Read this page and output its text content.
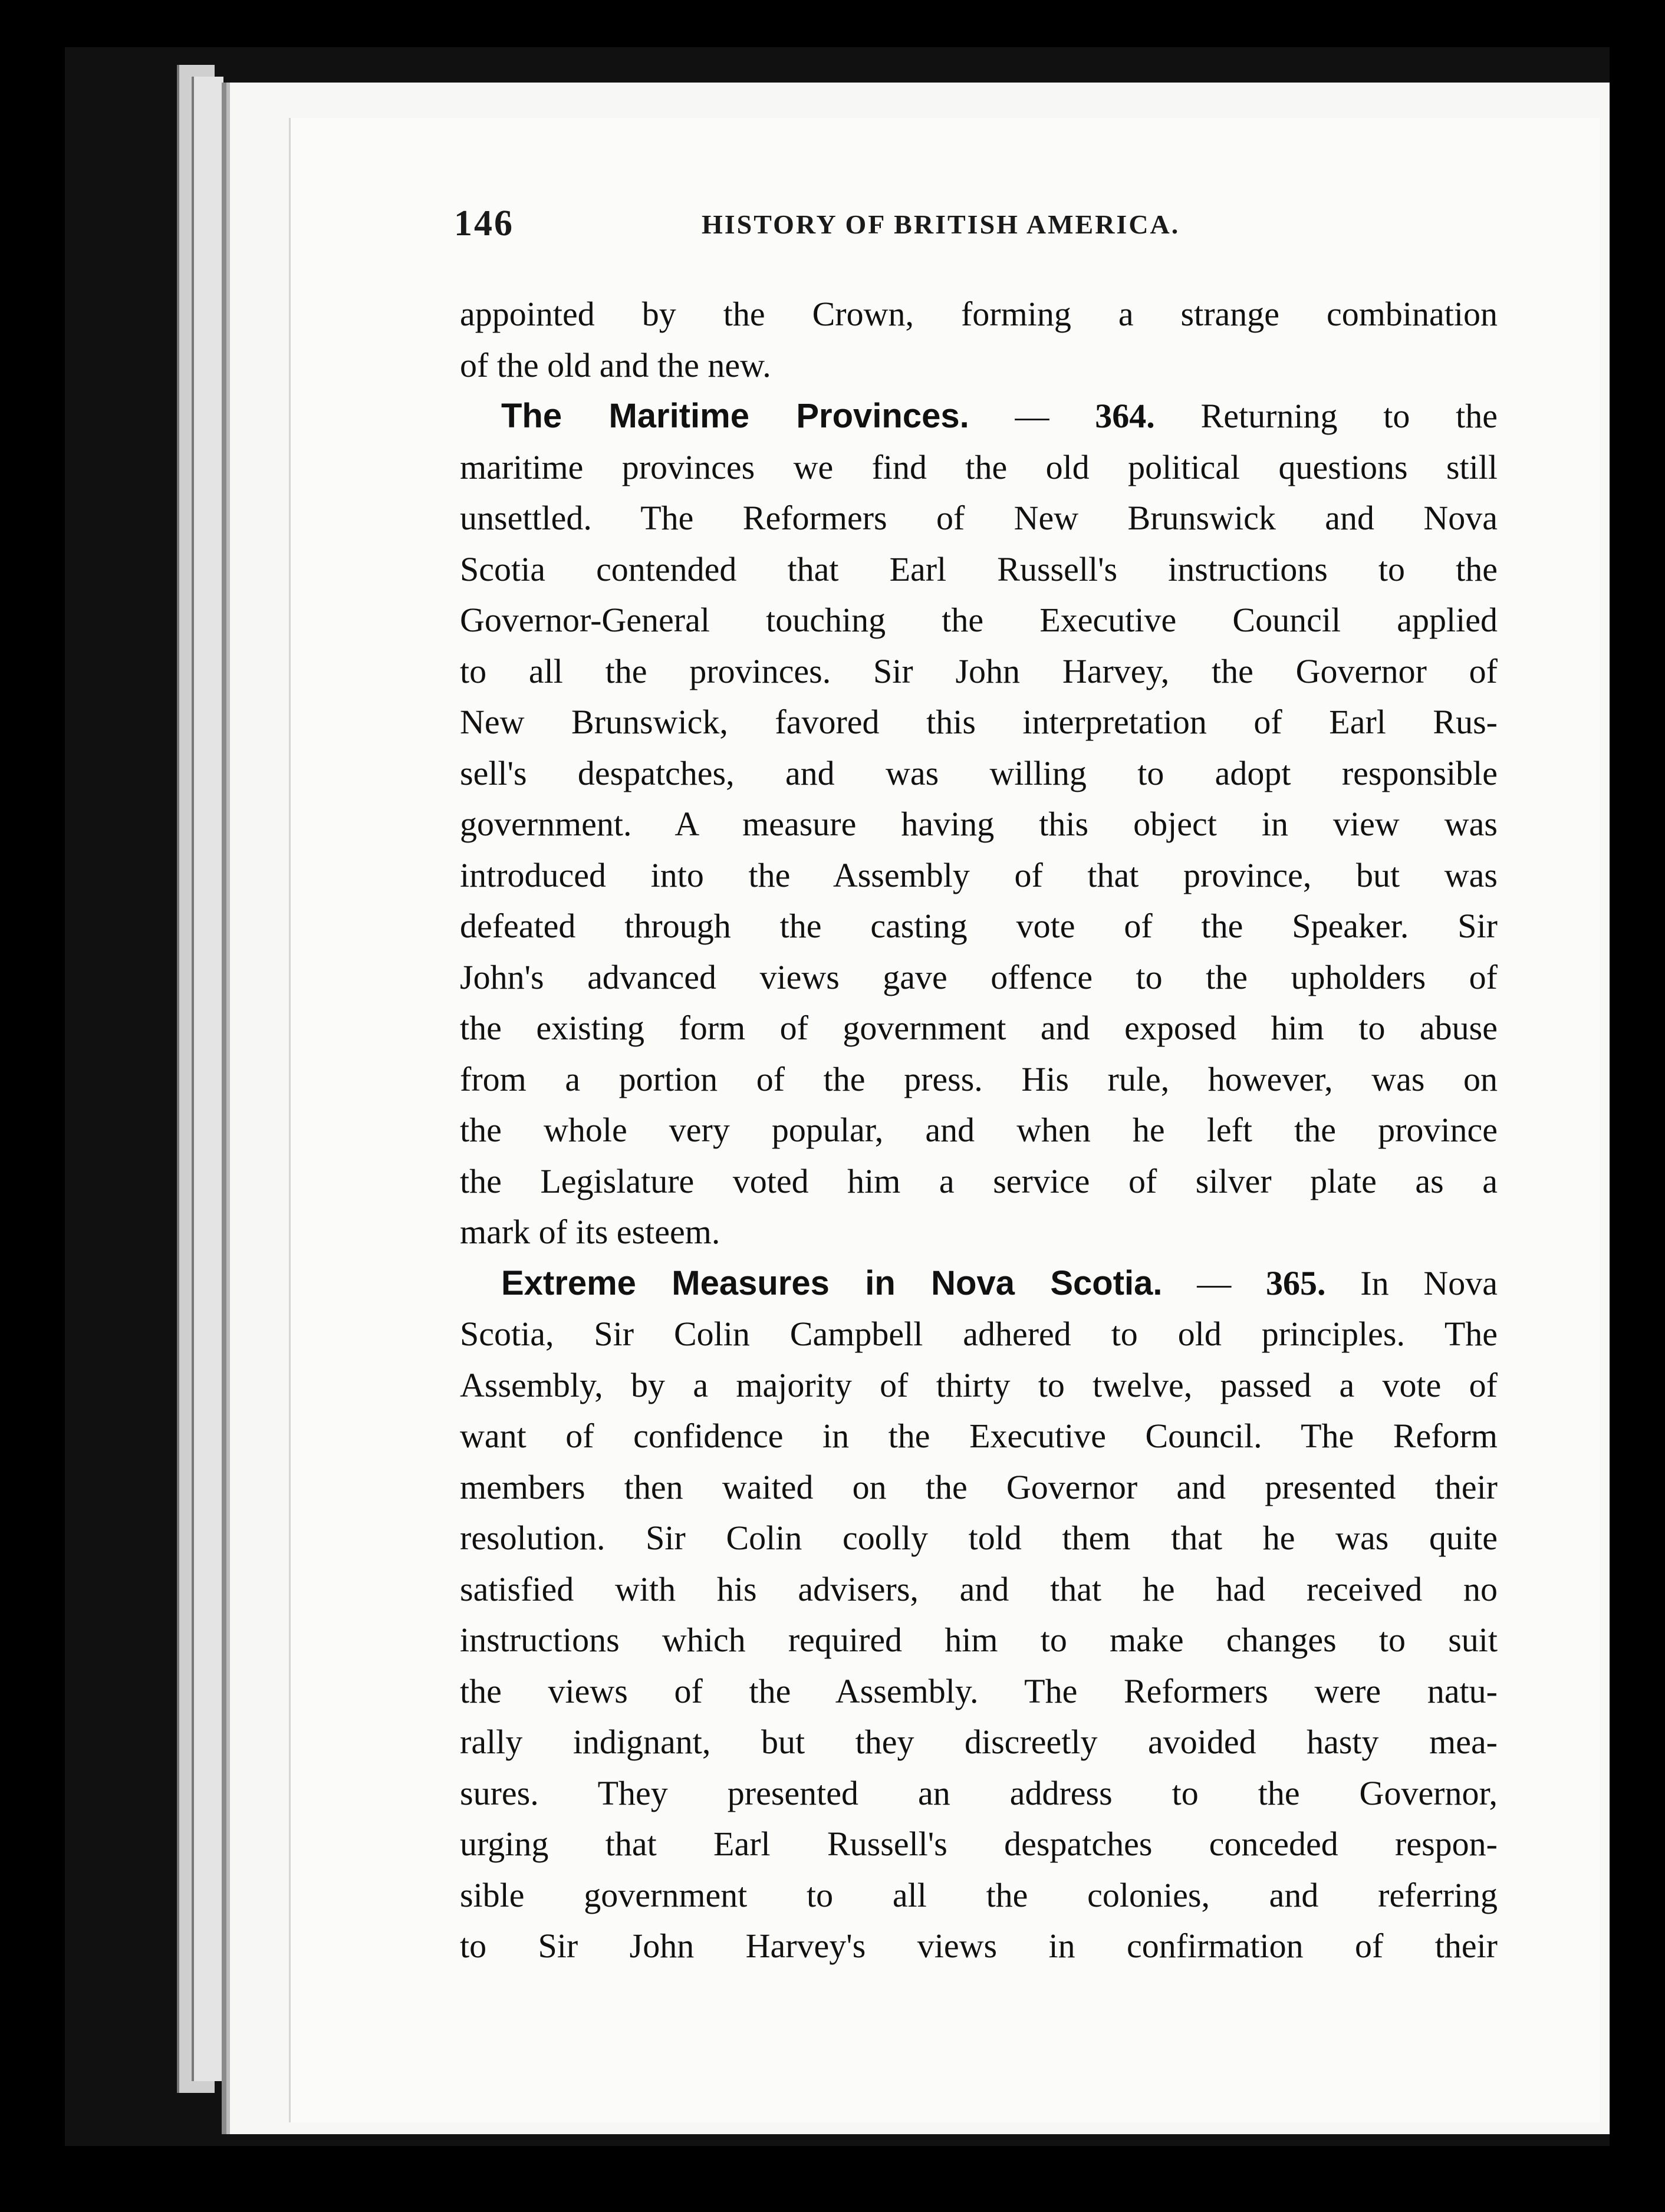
146	HISTORY OF BRITISH AMERICA.
appointed by the Crown, forming a strange combination
of the old and the new.
The Maritime Provinces. — 364. Returning to the
maritime provinces we find the old political questions still
unsettled. The Reformers of New Brunswick and Nova
Scotia contended that Earl Russell's instructions to the
Governor-General touching the Executive Council applied
to all the provinces. Sir John Harvey, the Governor of
New Brunswick, favored this interpretation of Earl Rus-
sell's despatches, and was willing to adopt responsible
government. A measure having this object in view was
introduced into the Assembly of that province, but was
defeated through the casting vote of the Speaker. Sir
John's advanced views gave offence to the upholders of
the existing form of government and exposed him to abuse
from a portion of the press. His rule, however, was on
the whole very popular, and when he left the province
the Legislature voted him a service of silver plate as a
mark of its esteem.
Extreme Measures in Nova Scotia. — 365. In Nova
Scotia, Sir Colin Campbell adhered to old principles. The
Assembly, by a majority of thirty to twelve, passed a vote of
want of confidence in the Executive Council. The Reform
members then waited on the Governor and presented their
resolution. Sir Colin coolly told them that he was quite
satisfied with his advisers, and that he had received no
instructions which required him to make changes to suit
the views of the Assembly. The Reformers were natu-
rally indignant, but they discreetly avoided hasty mea-
sures. They presented an address to the Governor,
urging that Earl Russell's despatches conceded respon-
sible government to all the colonies, and referring
to Sir John Harvey's views in confirmation of their
